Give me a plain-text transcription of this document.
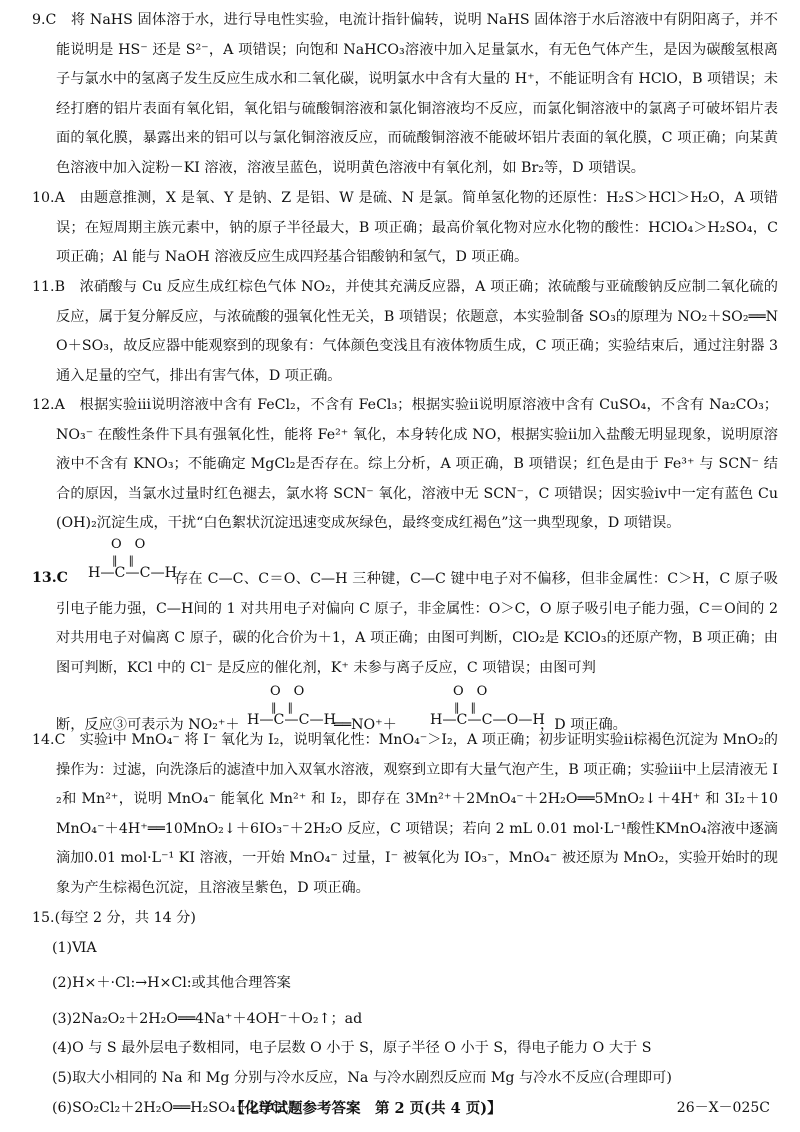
9.C　将 NaHS 固体溶于水，进行导电性实验，电流计指针偏转，说明 NaHS 固体溶于水后溶液中有阴阳离子，并不能说明是 HS⁻ 还是 S²⁻，A 项错误；向饱和 NaHCO₃溶液中加入足量氯水，有无色气体产生，是因为碳酸氢根离子与氯水中的氢离子发生反应生成水和二氧化碳，说明氯水中含有大量的 H⁺，不能证明含有 HClO，B 项错误；未经打磨的铝片表面有氧化铝，氧化铝与硫酸铜溶液和氯化铜溶液均不反应，而氯化铜溶液中的氯离子可破坏铝片表面的氧化膜，暴露出来的铝可以与氯化铜溶液反应，而硫酸铜溶液不能破坏铝片表面的氧化膜，C 项正确；向某黄色溶液中加入淀粉－KI 溶液，溶液呈蓝色，说明黄色溶液中有氧化剂，如 Br₂等，D 项错误。

10.A　由题意推测，X 是氧、Y 是钠、Z 是铝、W 是硫、N 是氯。简单氢化物的还原性：H₂S＞HCl＞H₂O，A 项错误；在短周期主族元素中，钠的原子半径最大，B 项正确；最高价氧化物对应水化物的酸性：HClO₄＞H₂SO₄，C 项正确；Al 能与 NaOH 溶液反应生成四羟基合铝酸钠和氢气，D 项正确。

11.B　浓硝酸与 Cu 反应生成红棕色气体 NO₂，并使其充满反应器，A 项正确；浓硫酸与亚硫酸钠反应制二氧化硫的反应，属于复分解反应，与浓硫酸的强氧化性无关，B 项错误；依题意，本实验制备 SO₃的原理为 NO₂＋SO₂══NO＋SO₃，故反应器中能观察到的现象有：气体颜色变浅且有液体物质生成，C 项正确；实验结束后，通过注射器 3 通入足量的空气，排出有害气体，D 项正确。

12.A　根据实验ⅲ说明溶液中含有 FeCl₂，不含有 FeCl₃；根据实验ⅱ说明原溶液中含有 CuSO₄，不含有 Na₂CO₃；NO₃⁻ 在酸性条件下具有强氧化性，能将 Fe²⁺ 氧化，本身转化成 NO，根据实验ⅱ加入盐酸无明显现象，说明原溶液中不含有 KNO₃；不能确定 MgCl₂是否存在。综上分析，A 项正确，B 项错误；红色是由于 Fe³⁺ 与 SCN⁻ 结合的原因，当氯水过量时红色褪去，氯水将 SCN⁻ 氧化，溶液中无 SCN⁻，C 项错误；因实验ⅳ中一定有蓝色 Cu(OH)₂沉淀生成，干扰“白色絮状沉淀迅速变成灰绿色，最终变成红褐色”这一典型现象，D 项错误。

13.C
O　O
‖　‖
H—C—C—H

存在 C—C、C＝O、C—H 三种键，C—C 键中电子对不偏移，但非金属性：C＞H，C 原子吸引电子能力强，C—H间的 1 对共用电子对偏向 C 原子，非金属性：O＞C，O 原子吸引电子能力强，C＝O间的 2 对共用电子对偏离 C 原子，碳的化合价为＋1，A 项正确；由图可判断，ClO₂是 KClO₃的还原产物，B 项正确；由图可判断，KCl 中的 Cl⁻ 是反应的催化剂，K⁺ 未参与离子反应，C 项错误；由图可判

断，反应③可表示为 NO₂⁺＋
O　O
‖　‖
H—C—C—H
══NO⁺＋
O　O
‖　‖
H—C—C—O—H
，D 项正确。

14.C　实验ⅰ中 MnO₄⁻ 将 I⁻ 氧化为 I₂，说明氧化性：MnO₄⁻＞I₂，A 项正确；初步证明实验ⅱ棕褐色沉淀为 MnO₂的操作为：过滤，向洗涤后的滤渣中加入双氧水溶液，观察到立即有大量气泡产生，B 项正确；实验ⅲ中上层清液无 I₂和 Mn²⁺，说明 MnO₄⁻ 能氧化 Mn²⁺ 和 I₂，即存在 3Mn²⁺＋2MnO₄⁻＋2H₂O══5MnO₂↓＋4H⁺ 和 3I₂＋10MnO₄⁻＋4H⁺══10MnO₂↓＋6IO₃⁻＋2H₂O 反应，C 项错误；若向 2 mL 0.01 mol·L⁻¹酸性KMnO₄溶液中逐滴滴加0.01 mol·L⁻¹ KI 溶液，一开始 MnO₄⁻ 过量，I⁻ 被氧化为 IO₃⁻，MnO₄⁻ 被还原为 MnO₂，实验开始时的现象为产生棕褐色沉淀，且溶液呈紫色，D 项正确。

15.(每空 2 分，共 14 分)

(1)ⅥA

(2)H×＋·Cl:→H×Cl:或其他合理答案

(3)2Na₂O₂＋2H₂O══4Na⁺＋4OH⁻＋O₂↑；ad

(4)O 与 S 最外层电子数相同，电子层数 O 小于 S，原子半径 O 小于 S，得电子能力 O 大于 S

(5)取大小相同的 Na 和 Mg 分别与冷水反应，Na 与冷水剧烈反应而 Mg 与冷水不反应(合理即可)

(6)SO₂Cl₂＋2H₂O══H₂SO₄＋2HCl↑

【化学试题参考答案　第 2 页(共 4 页)】	26－X－025C
